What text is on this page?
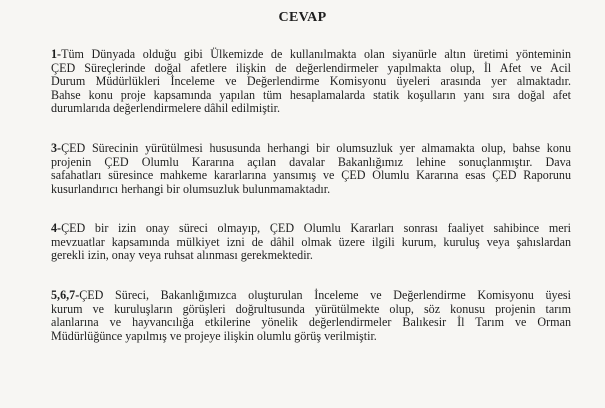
CEVAP
1-Tüm Dünyada olduğu gibi Ülkemizde de kullanılmakta olan siyanürle altın üretimi yönteminin
ÇED Süreçlerinde doğal afetlere ilişkin de değerlendirmeler yapılmakta olup, İl Afet ve Acil
Durum Müdürlükleri İnceleme ve Değerlendirme Komisyonu üyeleri arasında yer almaktadır.
Bahse konu proje kapsamında yapılan tüm hesaplamalarda statik koşulların yanı sıra doğal afet
durumlarıda değerlendirmelere dâhil edilmiştir.
3-ÇED Sürecinin yürütülmesi hususunda herhangi bir olumsuzluk yer almamakta olup, bahse konu
projenin ÇED Olumlu Kararına açılan davalar Bakanlığımız lehine sonuçlanmıştır. Dava
safahatları süresince mahkeme kararlarına yansımış ve ÇED Olumlu Kararına esas ÇED Raporunu
kusurlandırıcı herhangi bir olumsuzluk bulunmamaktadır.
4-ÇED bir izin onay süreci olmayıp, ÇED Olumlu Kararları sonrası faaliyet sahibince meri
mevzuatlar kapsamında mülkiyet izni de dâhil olmak üzere ilgili kurum, kuruluş veya şahıslardan
gerekli izin, onay veya ruhsat alınması gerekmektedir.
5,6,7-ÇED Süreci, Bakanlığımızca oluşturulan İnceleme ve Değerlendirme Komisyonu üyesi
kurum ve kuruluşların görüşleri doğrultusunda yürütülmekte olup, söz konusu projenin tarım
alanlarına ve hayvancılığa etkilerine yönelik değerlendirmeler Balıkesir İl Tarım ve Orman
Müdürlüğünce yapılmış ve projeye ilişkin olumlu görüş verilmiştir.
